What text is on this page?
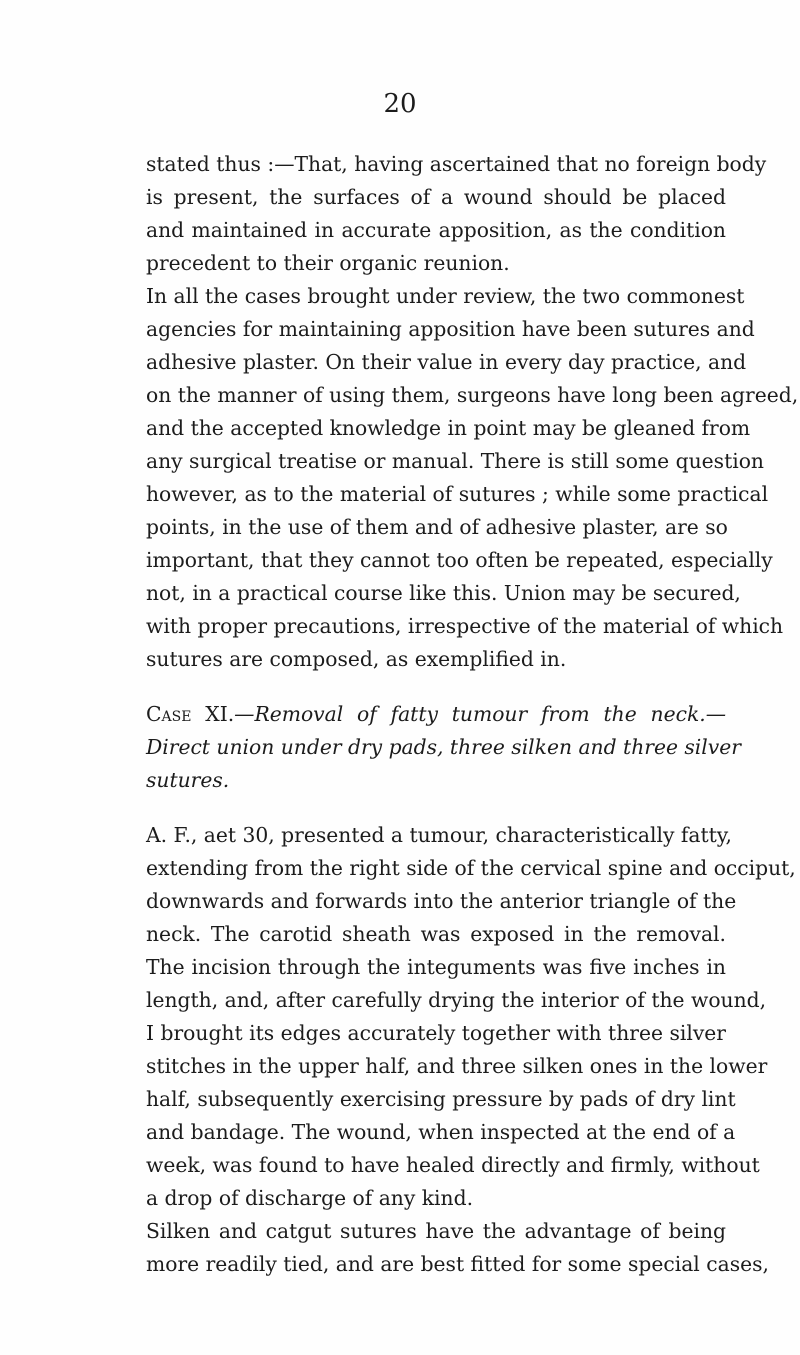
20
stated thus :—That, having ascertained that no foreign body
is present, the surfaces of a wound should be placed
and maintained in accurate apposition, as the condition
precedent to their organic reunion.
In all the cases brought under review, the two commonest
agencies for maintaining apposition have been sutures and
adhesive plaster. On their value in every day practice, and
on the manner of using them, surgeons have long been agreed,
and the accepted knowledge in point may be gleaned from
any surgical treatise or manual. There is still some question
however, as to the material of sutures ; while some practical
points, in the use of them and of adhesive plaster, are so
important, that they cannot too often be repeated, especially
not, in a practical course like this. Union may be secured,
with proper precautions, irrespective of the material of which
sutures are composed, as exemplified in.
Case XI.—Removal of fatty tumour from the neck.—
Direct union under dry pads, three silken and three silver
sutures.
A. F., aet 30, presented a tumour, characteristically fatty,
extending from the right side of the cervical spine and occiput,
downwards and forwards into the anterior triangle of the
neck. The carotid sheath was exposed in the removal.
The incision through the integuments was five inches in
length, and, after carefully drying the interior of the wound,
I brought its edges accurately together with three silver
stitches in the upper half, and three silken ones in the lower
half, subsequently exercising pressure by pads of dry lint
and bandage. The wound, when inspected at the end of a
week, was found to have healed directly and firmly, without
a drop of discharge of any kind.
Silken and catgut sutures have the advantage of being
more readily tied, and are best fitted for some special cases,
